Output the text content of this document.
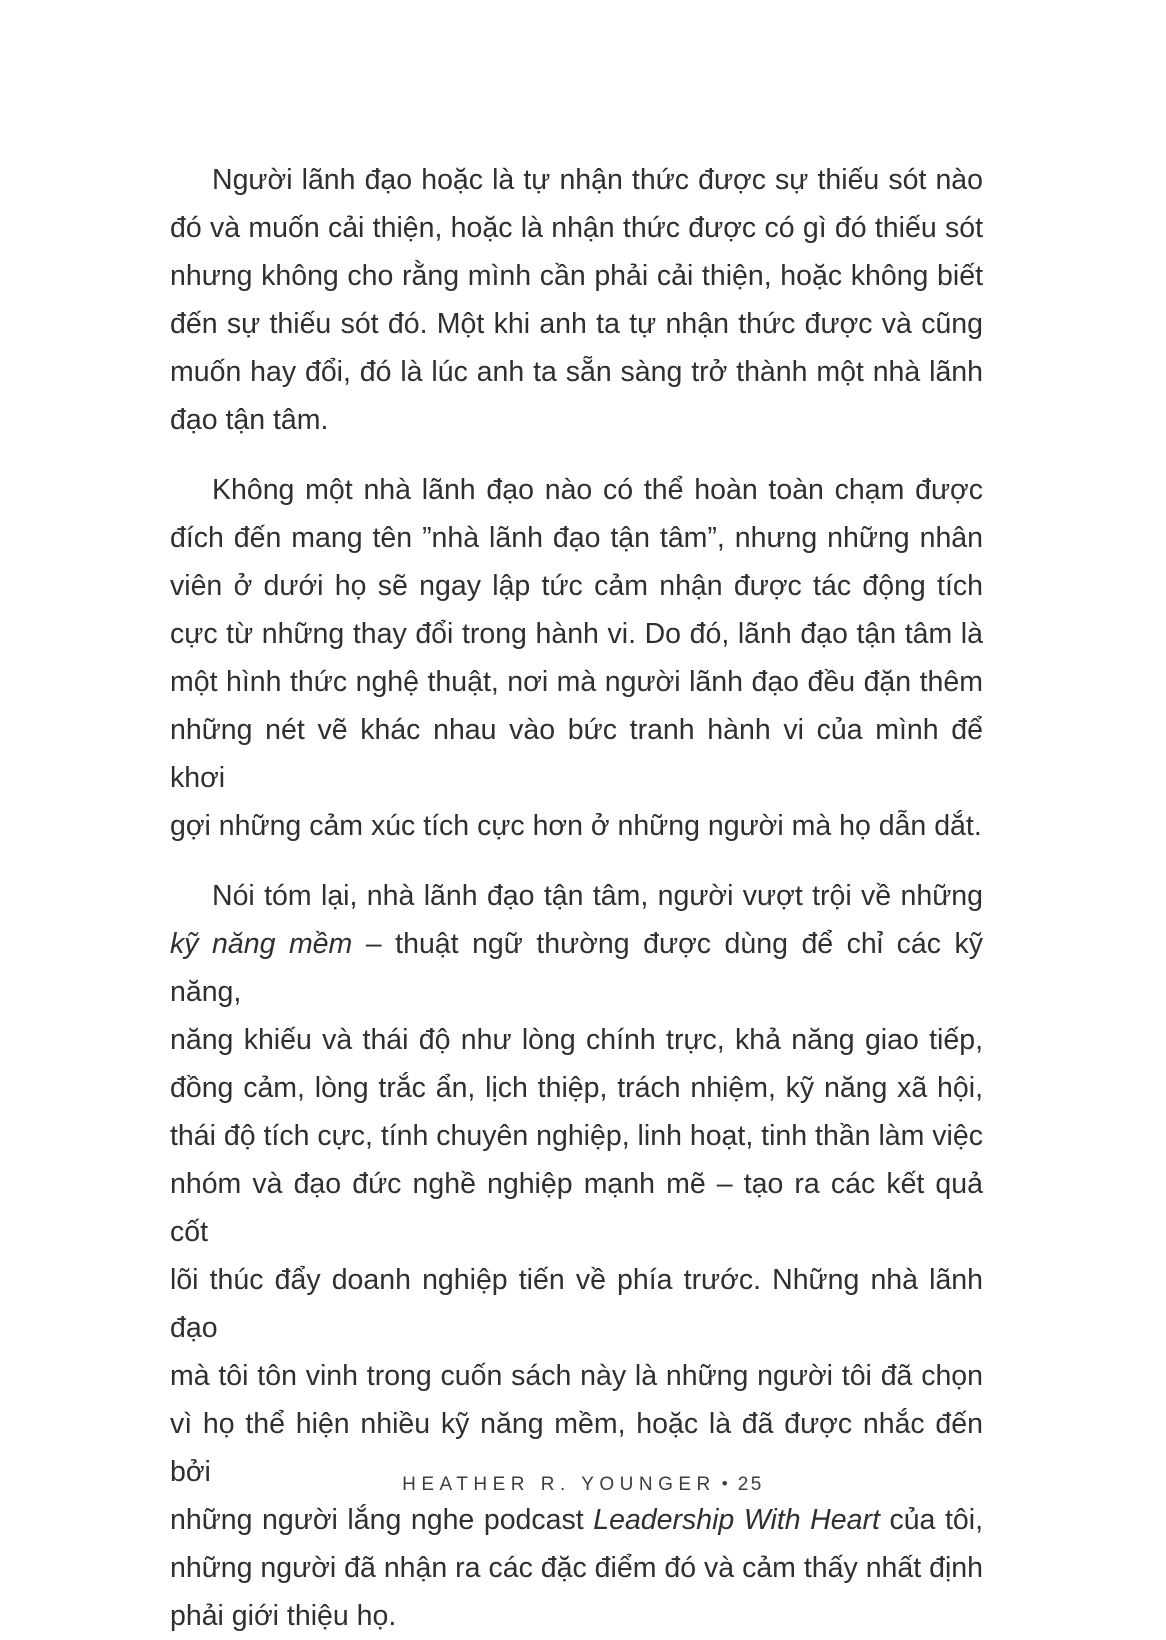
Người lãnh đạo hoặc là tự nhận thức được sự thiếu sót nào
đó và muốn cải thiện, hoặc là nhận thức được có gì đó thiếu sót
nhưng không cho rằng mình cần phải cải thiện, hoặc không biết
đến sự thiếu sót đó. Một khi anh ta tự nhận thức được và cũng
muốn hay đổi, đó là lúc anh ta sẵn sàng trở thành một nhà lãnh
đạo tận tâm.
Không một nhà lãnh đạo nào có thể hoàn toàn chạm được
đích đến mang tên ”nhà lãnh đạo tận tâm”, nhưng những nhân
viên ở dưới họ sẽ ngay lập tức cảm nhận được tác động tích
cực từ những thay đổi trong hành vi. Do đó, lãnh đạo tận tâm là
một hình thức nghệ thuật, nơi mà người lãnh đạo đều đặn thêm
những nét vẽ khác nhau vào bức tranh hành vi của mình để khơi
gợi những cảm xúc tích cực hơn ở những người mà họ dẫn dắt.
Nói tóm lại, nhà lãnh đạo tận tâm, người vượt trội về những
kỹ năng mềm – thuật ngữ thường được dùng để chỉ các kỹ năng,
năng khiếu và thái độ như lòng chính trực, khả năng giao tiếp,
đồng cảm, lòng trắc ẩn, lịch thiệp, trách nhiệm, kỹ năng xã hội,
thái độ tích cực, tính chuyên nghiệp, linh hoạt, tinh thần làm việc
nhóm và đạo đức nghề nghiệp mạnh mẽ – tạo ra các kết quả cốt
lõi thúc đẩy doanh nghiệp tiến về phía trước. Những nhà lãnh đạo
mà tôi tôn vinh trong cuốn sách này là những người tôi đã chọn
vì họ thể hiện nhiều kỹ năng mềm, hoặc là đã được nhắc đến bởi
những người lắng nghe podcast Leadership With Heart của tôi,
những người đã nhận ra các đặc điểm đó và cảm thấy nhất định
phải giới thiệu họ.
HEATHER R. YOUNGER • 25
